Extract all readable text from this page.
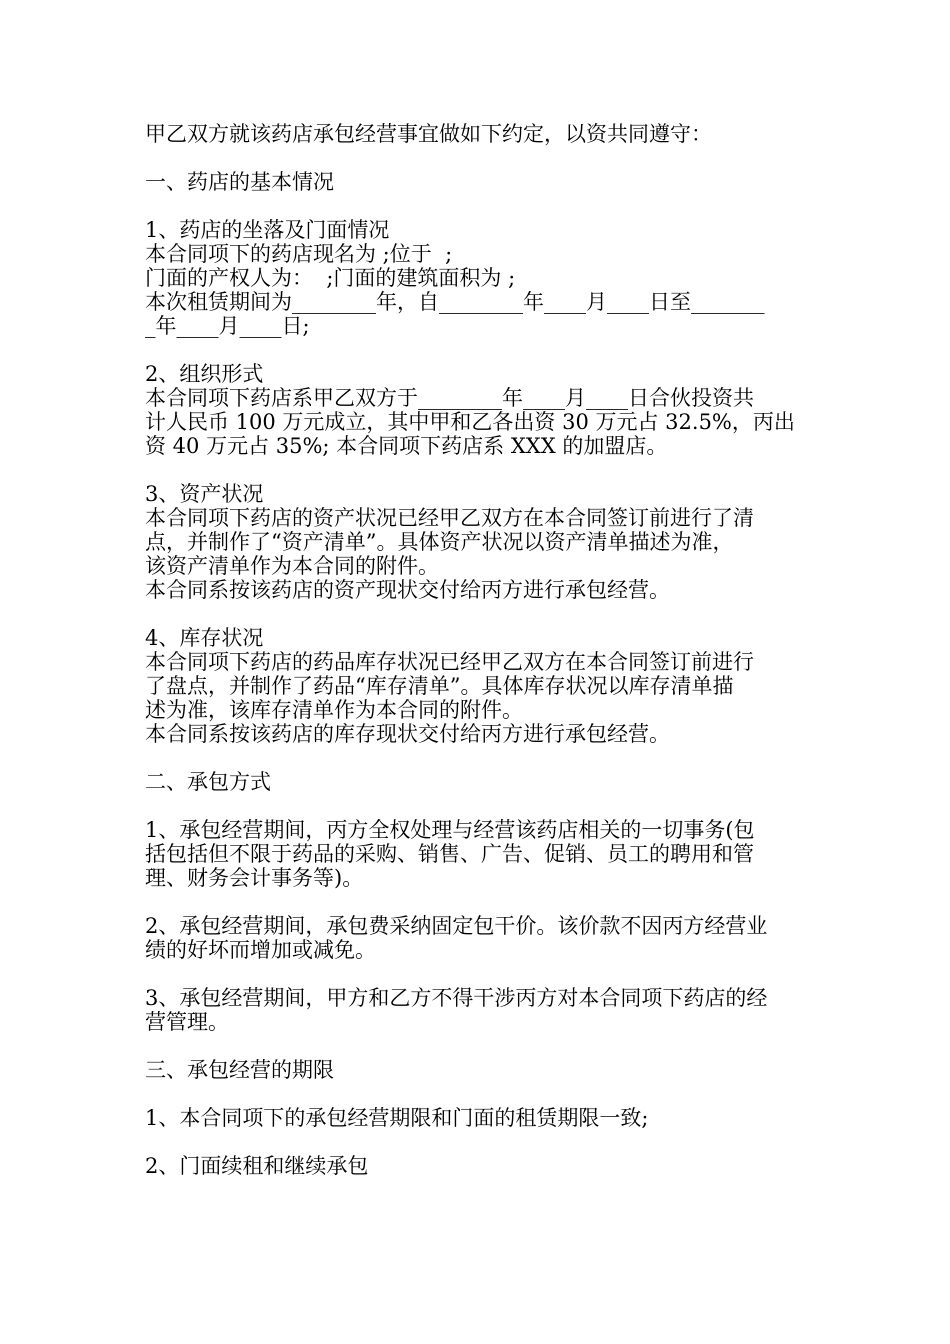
甲乙双方就该药店承包经营事宜做如下约定，以资共同遵守：
一、药店的基本情况
1、药店的坐落及门面情况
本合同项下的药店现名为 ;位于  ;
门面的产权人为：  ;门面的建筑面积为 ;
本次租赁期间为________年，自________年____月____日至_______
_年____月____日;
2、组织形式
本合同项下药店系甲乙双方于________年____月____日合伙投资共
计人民币 100 万元成立，其中甲和乙各出资 30 万元占 32.5%，丙出
资 40 万元占 35%; 本合同项下药店系 XXX 的加盟店。
3、资产状况
本合同项下药店的资产状况已经甲乙双方在本合同签订前进行了清
点，并制作了“资产清单”。具体资产状况以资产清单描述为准，
该资产清单作为本合同的附件。
本合同系按该药店的资产现状交付给丙方进行承包经营。
4、库存状况
本合同项下药店的药品库存状况已经甲乙双方在本合同签订前进行
了盘点，并制作了药品“库存清单”。具体库存状况以库存清单描
述为准，该库存清单作为本合同的附件。
本合同系按该药店的库存现状交付给丙方进行承包经营。
二、承包方式
1、承包经营期间，丙方全权处理与经营该药店相关的一切事务(包
括包括但不限于药品的采购、销售、广告、促销、员工的聘用和管
理、财务会计事务等)。
2、承包经营期间，承包费采纳固定包干价。该价款不因丙方经营业
绩的好坏而增加或减免。
3、承包经营期间，甲方和乙方不得干涉丙方对本合同项下药店的经
营管理。
三、承包经营的期限
1、本合同项下的承包经营期限和门面的租赁期限一致;
2、门面续租和继续承包
